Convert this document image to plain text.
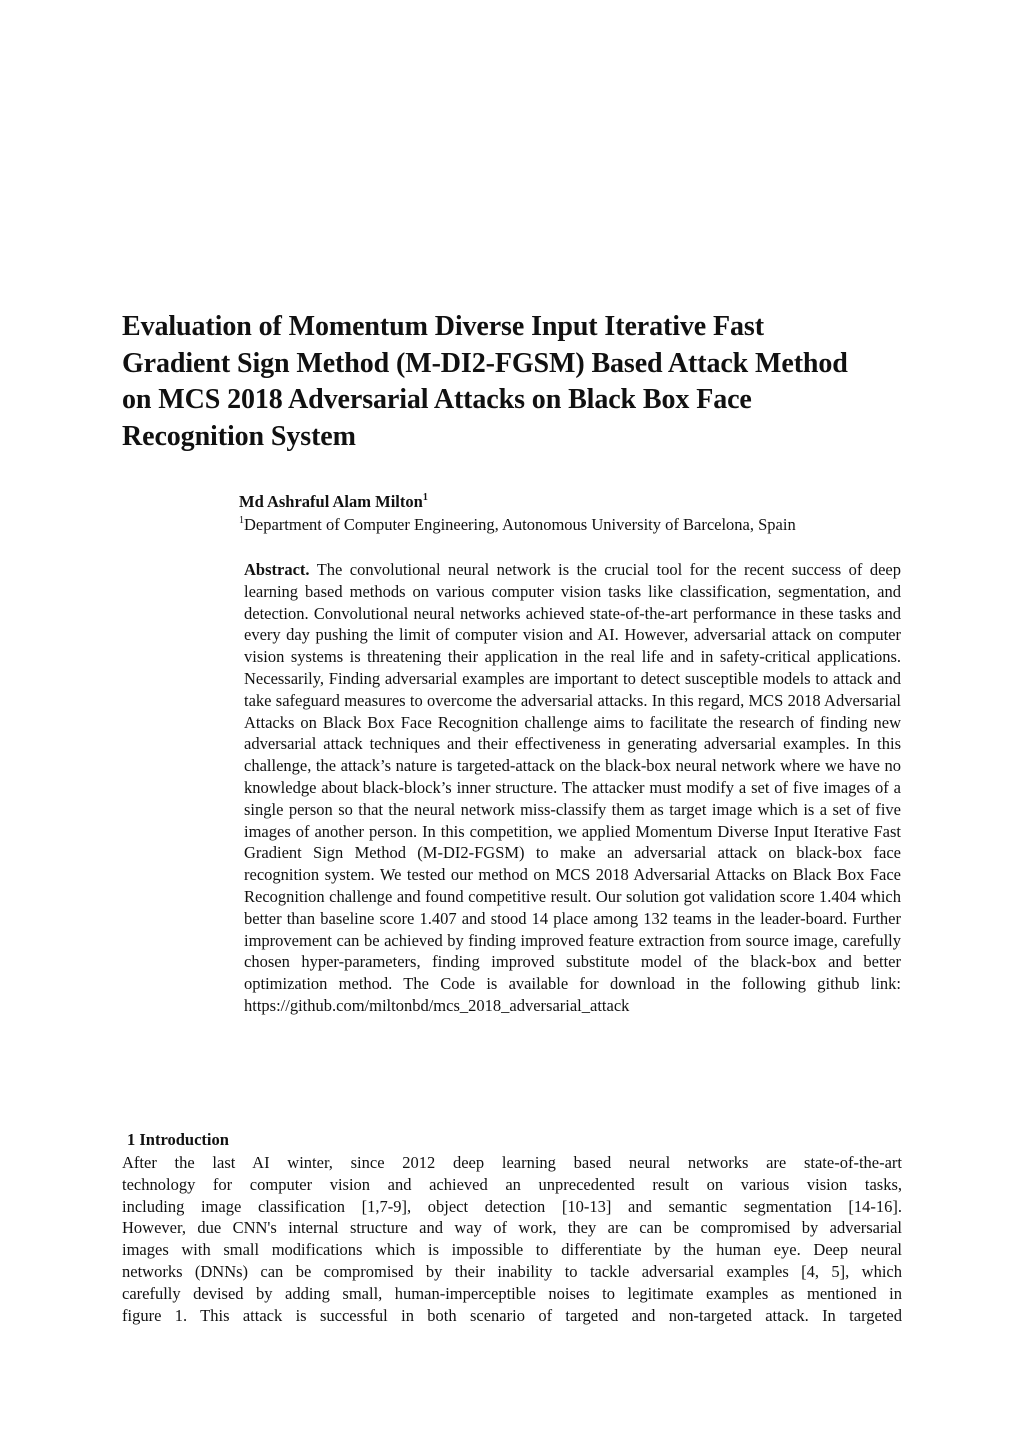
Evaluation of Momentum Diverse Input Iterative Fast
Gradient Sign Method (M-DI2-FGSM) Based Attack Method
on MCS 2018 Adversarial Attacks on Black Box Face
Recognition System
Md Ashraful Alam Milton$^1$
$^1$Department of Computer Engineering, Autonomous University of Barcelona, Spain
Abstract. The convolutional neural network is the crucial tool for the recent success of deep learning based methods on various computer vision tasks like classification, segmentation, and detection. Convolutional neural networks achieved state-of-the-art performance in these tasks and every day pushing the limit of computer vision and AI. However, adversarial attack on computer vision systems is threatening their application in the real life and in safety-critical applications. Necessarily, Finding adversarial examples are important to detect susceptible models to attack and take safeguard measures to overcome the adversarial attacks. In this regard, MCS 2018 Adversarial Attacks on Black Box Face Recognition challenge aims to facilitate the research of finding new adversarial attack techniques and their effectiveness in generating adversarial examples. In this challenge, the attack’s nature is targeted-attack on the black-box neural network where we have no knowledge about black-block’s inner structure. The attacker must modify a set of five images of a single person so that the neural network miss-classify them as target image which is a set of five images of another person. In this competition, we applied Momentum Diverse Input Iterative Fast Gradient Sign Method (M-DI2-FGSM) to make an adversarial attack on black-box face recognition system. We tested our method on MCS 2018 Adversarial Attacks on Black Box Face Recognition challenge and found competitive result. Our solution got validation score 1.404 which better than baseline score 1.407 and stood 14 place among 132 teams in the leader-board. Further improvement can be achieved by finding improved feature extraction from source image, carefully chosen hyper-parameters, finding improved substitute model of the black-box and better optimization method. The Code is available for download in the following github link: https://github.com/miltonbd/mcs_2018_adversarial_attack
1 Introduction
After the last AI winter, since 2012 deep learning based neural networks are state-of-the-art
technology for computer vision and achieved an unprecedented result on various vision tasks,
including image classification [1,7-9], object detection [10-13] and semantic segmentation [14-16].
However, due CNN's internal structure and way of work, they are can be compromised by adversarial
images with small modifications which is impossible to differentiate by the human eye. Deep neural
networks (DNNs) can be compromised by their inability to tackle adversarial examples [4, 5], which
carefully devised by adding small, human-imperceptible noises to legitimate examples as mentioned in
figure 1. This attack is successful in both scenario of targeted and non-targeted attack. In targeted
